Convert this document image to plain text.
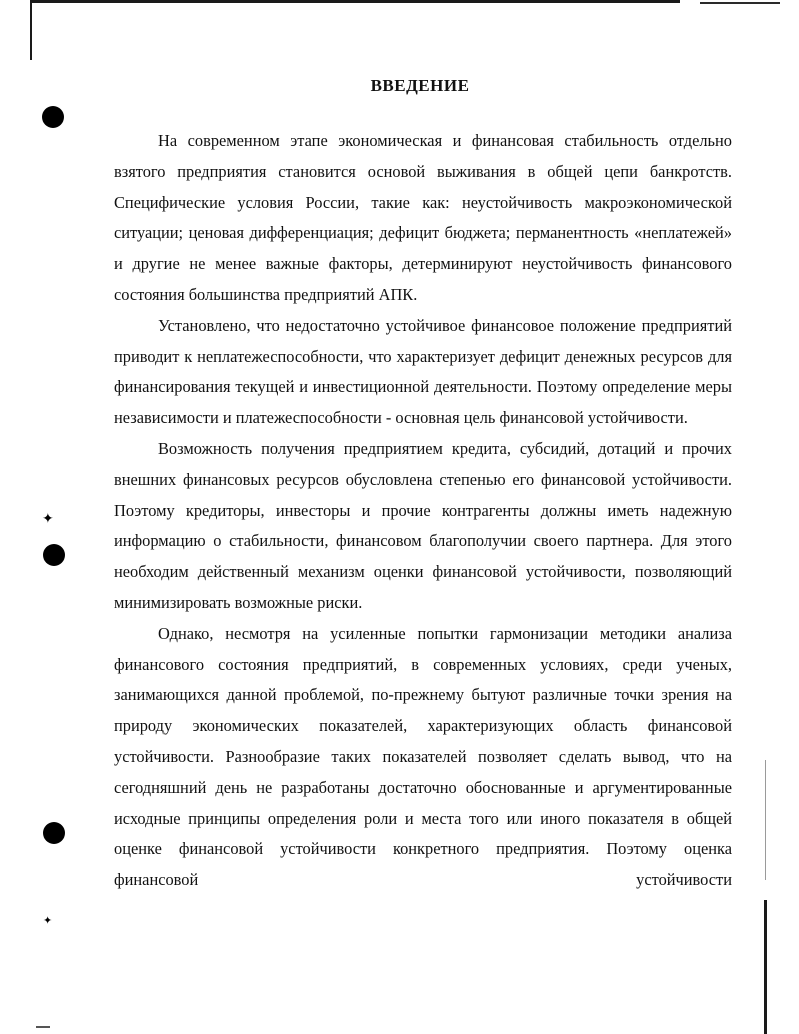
✦
✦
ВВЕДЕНИЕ

На современном этапе экономическая и финансовая стабильность отдельно взятого предприятия становится основой выживания в общей цепи банкротств. Специфические условия России, такие как: неустойчивость макроэкономической ситуации; ценовая дифференциация; дефицит бюджета; перманентность «неплатежей» и другие не менее важные факторы, детерминируют неустойчивость финансового состояния большинства предприятий АПК.

Установлено, что недостаточно устойчивое финансовое положение предприятий приводит к неплатежеспособности, что характеризует дефицит денежных ресурсов для финансирования текущей и инвестиционной деятельности. Поэтому определение меры независимости и платежеспособности - основная цель финансовой устойчивости.

Возможность получения предприятием кредита, субсидий, дотаций и прочих внешних финансовых ресурсов обусловлена степенью его финансовой устойчивости. Поэтому кредиторы, инвесторы и прочие контрагенты должны иметь надежную информацию о стабильности, финансовом благополучии своего партнера. Для этого необходим действенный механизм оценки финансовой устойчивости, позволяющий минимизировать возможные риски.

Однако, несмотря на усиленные попытки гармонизации методики анализа финансового состояния предприятий, в современных условиях, среди ученых, занимающихся данной проблемой, по-прежнему бытуют различные точки зрения на природу экономических показателей, характеризующих область финансовой устойчивости. Разнообразие таких показателей позволяет сделать вывод, что на сегодняшний день не разработаны достаточно обоснованные и аргументированные исходные принципы определения роли и места того или иного показателя в общей оценке финансовой устойчивости конкретного предприятия. Поэтому оценка финансовой устойчивости
